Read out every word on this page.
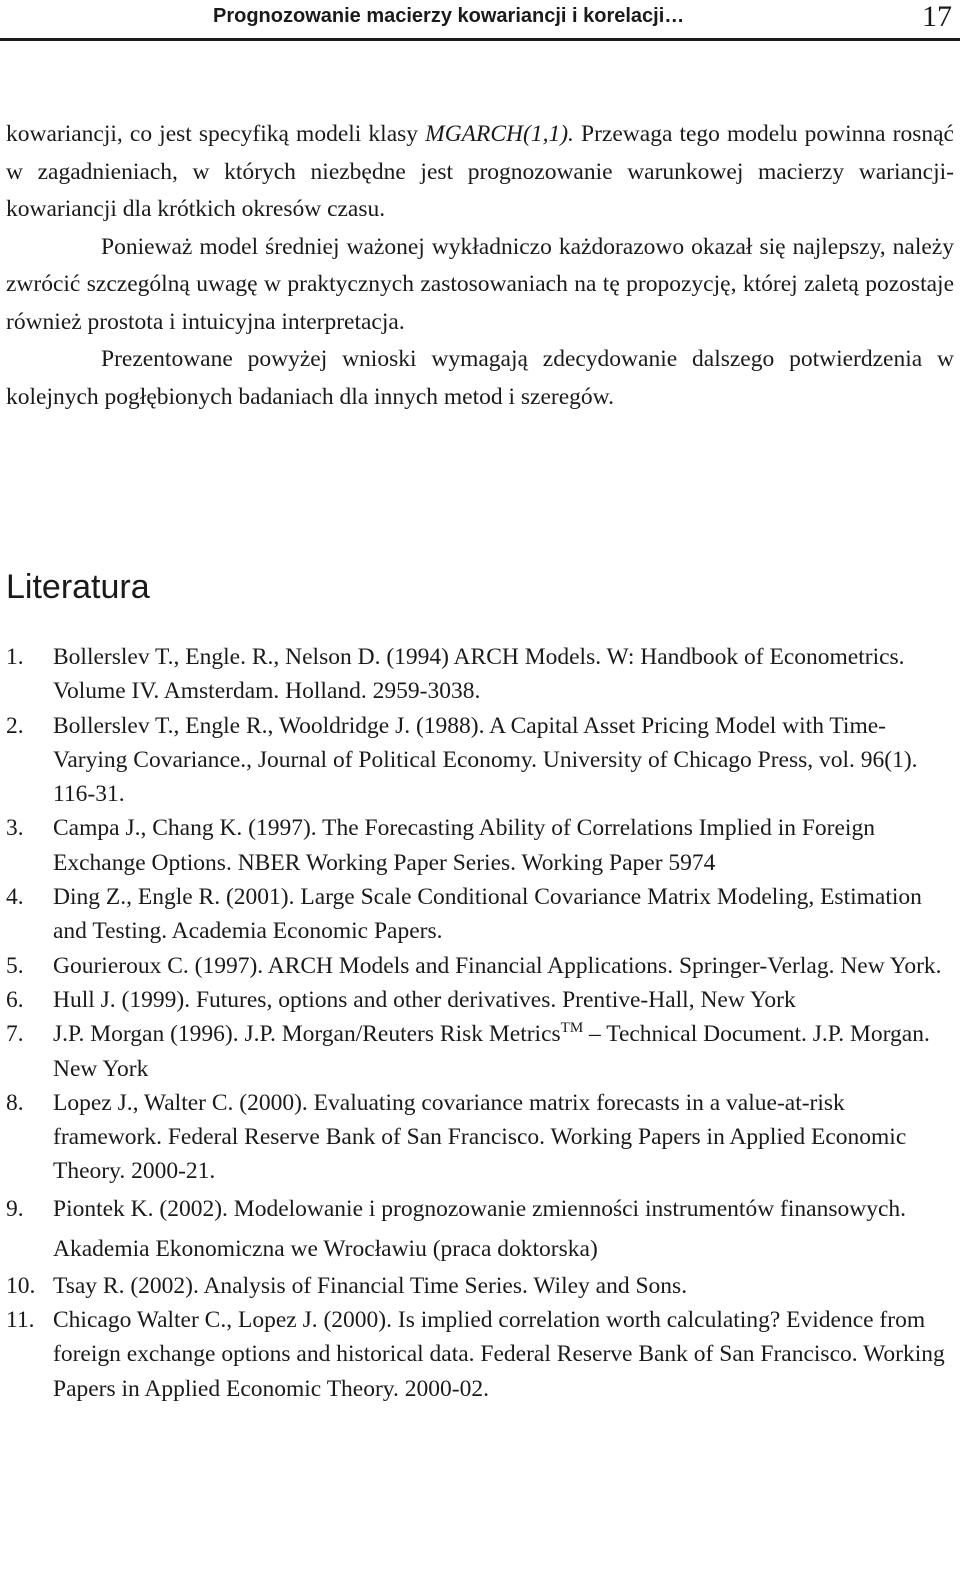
Prognozowanie macierzy kowariancji i korelacji…	17

kowariancji, co jest specyfiką modeli klasy MGARCH(1,1). Przewaga tego modelu powinna rosnąć w zagadnieniach, w których niezbędne jest prognozowanie warunkowej macierzy wariancji-kowariancji dla krótkich okresów czasu.

Ponieważ model średniej ważonej wykładniczo każdorazowo okazał się najlepszy, należy zwrócić szczególną uwagę w praktycznych zastosowaniach na tę propozycję, której zaletą pozostaje również prostota i intuicyjna interpretacja.

Prezentowane powyżej wnioski wymagają zdecydowanie dalszego potwierdzenia w kolejnych pogłębionych badaniach dla innych metod i szeregów.

Literatura
1. Bollerslev T., Engle. R., Nelson D. (1994) ARCH Models. W: Handbook of Econometrics. Volume IV. Amsterdam. Holland. 2959-3038.
2. Bollerslev T., Engle R., Wooldridge J. (1988). A Capital Asset Pricing Model with Time-Varying Covariance., Journal of Political Economy. University of Chicago Press, vol. 96(1). 116-31.
3. Campa J., Chang K. (1997). The Forecasting Ability of Correlations Implied in Foreign Exchange Options. NBER Working Paper Series. Working Paper 5974
4. Ding Z., Engle R. (2001). Large Scale Conditional Covariance Matrix Modeling, Estimation and Testing. Academia Economic Papers.
5. Gourieroux C. (1997). ARCH Models and Financial Applications. Springer-Verlag. New York.
6. Hull J. (1999). Futures, options and other derivatives. Prentive-Hall, New York
7. J.P. Morgan (1996). J.P. Morgan/Reuters Risk Metrics™ – Technical Document. J.P. Morgan. New York
8. Lopez J., Walter C. (2000). Evaluating covariance matrix forecasts in a value-at-risk framework. Federal Reserve Bank of San Francisco. Working Papers in Applied Economic Theory. 2000-21.
9. Piontek K. (2002). Modelowanie i prognozowanie zmienności instrumentów finansowych. Akademia Ekonomiczna we Wrocławiu (praca doktorska)
10. Tsay R. (2002). Analysis of Financial Time Series. Wiley and Sons.
11. Chicago Walter C., Lopez J. (2000). Is implied correlation worth calculating? Evidence from foreign exchange options and historical data. Federal Reserve Bank of San Francisco. Working Papers in Applied Economic Theory. 2000-02.
